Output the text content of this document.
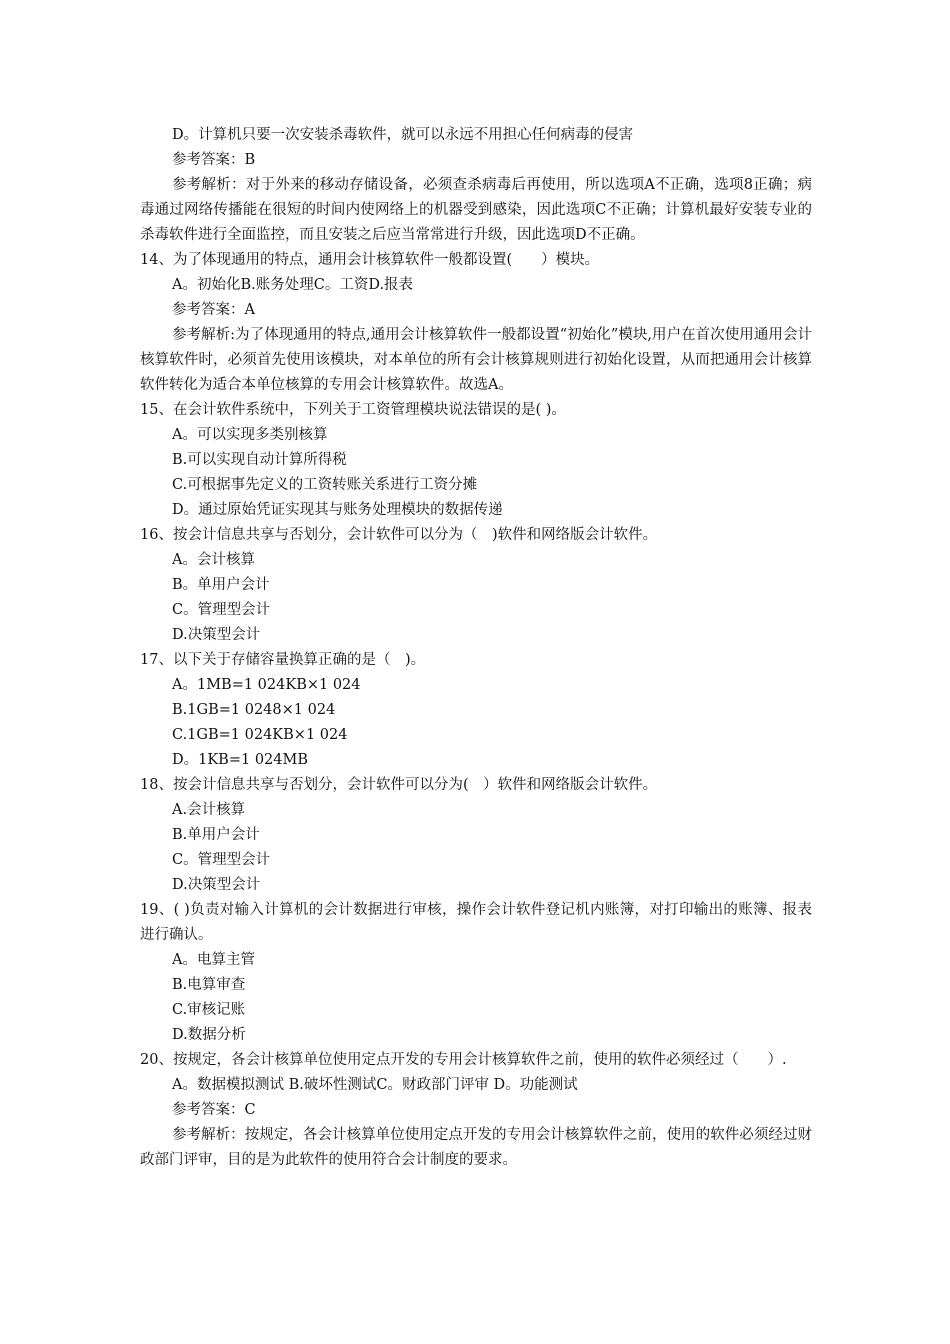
D。计算机只要一次安装杀毒软件，就可以永远不用担心任何病毒的侵害
参考答案：B
参考解析：对于外来的移动存储设备，必须查杀病毒后再使用，所以选项A不正确，选项8正确；病毒通过网络传播能在很短的时间内使网络上的机器受到感染，因此选项C不正确；计算机最好安装专业的杀毒软件进行全面监控，而且安装之后应当常常进行升级，因此选项D不正确。
14、为了体现通用的特点，通用会计核算软件一般都设置(　　）模块。
A。初始化B.账务处理C。工资D.报表
参考答案：A
参考解析:为了体现通用的特点,通用会计核算软件一般都设置“初始化”模块,用户在首次使用通用会计核算软件时，必须首先使用该模块，对本单位的所有会计核算规则进行初始化设置，从而把通用会计核算软件转化为适合本单位核算的专用会计核算软件。故选A。
15、在会计软件系统中，下列关于工资管理模块说法错误的是( )。
A。可以实现多类别核算
B.可以实现自动计算所得税
C.可根据事先定义的工资转账关系进行工资分摊
D。通过原始凭证实现其与账务处理模块的数据传递
16、按会计信息共享与否划分，会计软件可以分为（　)软件和网络版会计软件。
A。会计核算
B。单用户会计
C。管理型会计
D.决策型会计
17、以下关于存储容量换算正确的是（　)。
A。1MB=1 024KB×1 024
B.1GB=1 0248×1 024
C.1GB=1 024KB×1 024
D。1KB=1 024MB
18、按会计信息共享与否划分，会计软件可以分为(　）软件和网络版会计软件。
A.会计核算
B.单用户会计
C。管理型会计
D.决策型会计
19、( )负责对输入计算机的会计数据进行审核，操作会计软件登记机内账簿，对打印输出的账簿、报表进行确认。
A。电算主管
B.电算审查
C.审核记账
D.数据分析
20、按规定，各会计核算单位使用定点开发的专用会计核算软件之前，使用的软件必须经过（　　）.
A。数据模拟测试 B.破坏性测试C。财政部门评审 D。功能测试
参考答案：C
参考解析：按规定，各会计核算单位使用定点开发的专用会计核算软件之前，使用的软件必须经过财政部门评审，目的是为此软件的使用符合会计制度的要求。
